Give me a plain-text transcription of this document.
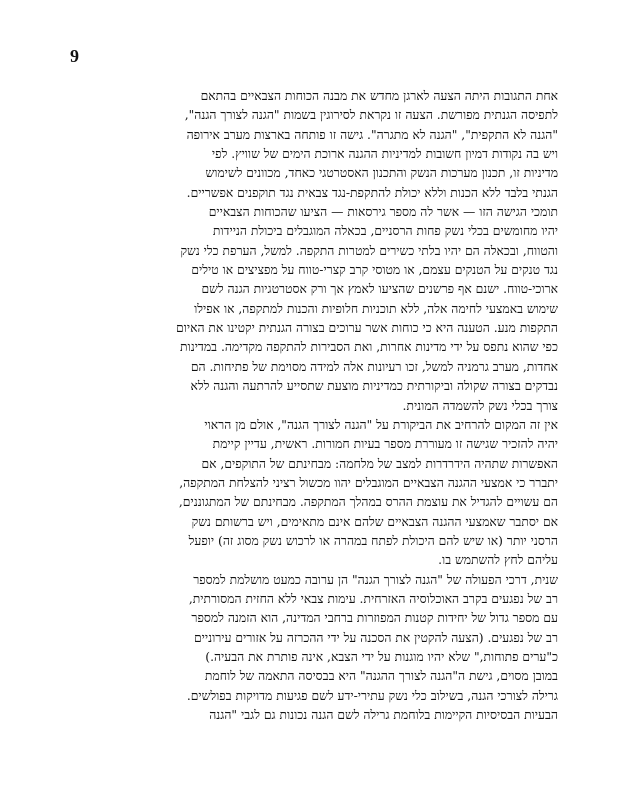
9
אחת התגובות היתה הצעה לארגן מחדש את מבנה הכוחות הצבאיים בהתאם
לתפיסה הגנתית מפורשת. הצעה זו נקראת לסירוגין בשמות "הגנה לצורך הגנה",
"הגנה לא התקפית", "הגנה לא מתגרה". גישה זו פותחה בארצות מערב אירופה
ויש בה נקודות דמיון חשובות למדיניות ההגנה ארוכת הימים של שוויץ. לפי
מדיניות זו, תכנון מערכות הנשק והתכנון האסטרטגי כאחד, מכוונים לשימוש
הגנתי בלבד ללא הכנות וללא יכולת להתקפת-נגד צבאית נגד תוקפנים אפשריים.
תומכי הגישה הזו — אשר לה מספר גירסאות — הציעו שהכוחות הצבאיים
יהיו מחומשים בכלי נשק פחות הרסניים, בכאלה המוגבלים ביכולת הניידות
והטווח, ובכאלה הם יהיו בלתי כשירים למטרות התקפה. למשל, הערפת כלי נשק
נגד טנקים על הטנקים עצמם, או מטוסי קרב קצרי-טווח על מפציצים או טילים
ארוכי-טווח. ישנם אף פרשנים שהציעו לאמץ אך ורק אסטרטגיות הגנה לשם
שימוש באמצעי לחימה אלה, ללא תוכניות חלופיות והכנות למתקפה, או אפילו
התקפות מנע. הטענה היא כי כוחות אשר ערוכים בצורה הגנתית יקטינו את האיום
כפי שהוא נתפס על ידי מדינות אחרות, ואת הסבירות להתקפה מקדימה. במדינות
אחדות, מערב גרמניה למשל, זכו רעיונות אלה למידה מסוימת של פתיחות. הם
נבדקים בצורה שקולה וביקורתית כמדיניות מוצעת שתסייע להרתעה והגנה ללא
צורך בכלי נשק להשמדה המונית.
אין זה המקום להרחיב את הביקורת על "הגנה לצורך הגנה", אולם מן הראוי
יהיה להזכיר שגישה זו מעוררת מספר בעיות חמורות. ראשית, עדיין קיימת
האפשרות שתהיה הידרדרות למצב של מלחמה: מבחינתם של התוקפים, אם
יתברר כי אמצעי ההגנה הצבאיים המוגבלים יהוו מכשול רציני להצלחת המתקפה,
הם עשויים להגדיל את עוצמת ההרס במהלך המתקפה. מבחינתם של המתגוננים,
אם יסתבר שאמצעי ההגנה הצבאיים שלהם אינם מתאימים, ויש ברשותם נשק
הרסני יותר (או שיש להם היכולת לפתח במהרה או לרכוש נשק מסוג זה) יופעל
עליהם לחץ להשתמש בו.
שנית, דרכי הפעולה של "הגנה לצורך הגנה" הן ערובה כמעט מושלמת למספר
רב של נפגעים בקרב האוכלוסיה האזרחית. עימות צבאי ללא החזית המסורתית,
עם מספר גדול של יחידות קטנות המפוזרות ברחבי המדינה, הוא הזמנה למספר
רב של נפגעים. (הצעה להקטין את הסכנה על ידי ההכרזה על אזורים עירוניים
כ"ערים פתוחות," שלא יהיו מוגנות על ידי הצבא, אינה פותרת את הבעיה.)
במובן מסוים, גישת ה"הגנה לצורך ההגנה" היא בבסיסה התאמה של לוחמת
גרילה לצורכי הגנה, בשילוב כלי נשק עתירי-ידע לשם פגיעות מדויקות בפולשים.
הבעיות הבסיסיות הקיימות בלוחמת גרילה לשם הגנה נכונות גם לגבי "הגנה
